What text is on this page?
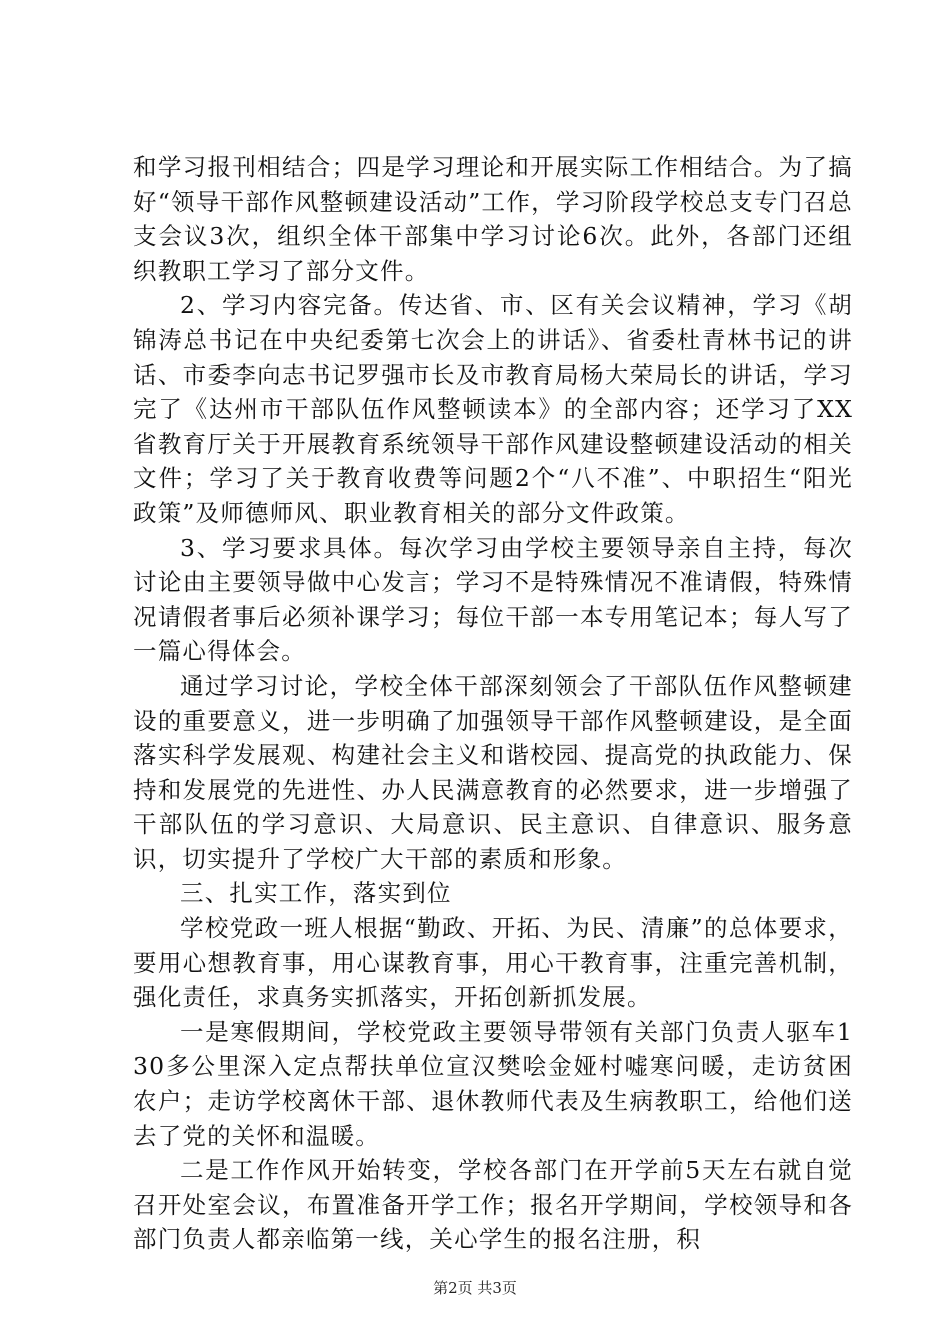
和学习报刊相结合；四是学习理论和开展实际工作相结合。为了搞好“领导干部作风整顿建设活动”工作，学习阶段学校总支专门召总支会议3次，组织全体干部集中学习讨论6次。此外，各部门还组织教职工学习了部分文件。

2、学习内容完备。传达省、市、区有关会议精神，学习《胡锦涛总书记在中央纪委第七次会上的讲话》、省委杜青林书记的讲话、市委李向志书记罗强市长及市教育局杨大荣局长的讲话，学习完了《达州市干部队伍作风整顿读本》的全部内容；还学习了XX省教育厅关于开展教育系统领导干部作风建设整顿建设活动的相关文件；学习了关于教育收费等问题2个“八不准”、中职招生“阳光政策”及师德师风、职业教育相关的部分文件政策。

3、学习要求具体。每次学习由学校主要领导亲自主持，每次讨论由主要领导做中心发言；学习不是特殊情况不准请假，特殊情况请假者事后必须补课学习；每位干部一本专用笔记本；每人写了一篇心得体会。

通过学习讨论，学校全体干部深刻领会了干部队伍作风整顿建设的重要意义，进一步明确了加强领导干部作风整顿建设，是全面落实科学发展观、构建社会主义和谐校园、提高党的执政能力、保持和发展党的先进性、办人民满意教育的必然要求，进一步增强了干部队伍的学习意识、大局意识、民主意识、自律意识、服务意识，切实提升了学校广大干部的素质和形象。

三、扎实工作，落实到位

学校党政一班人根据“勤政、开拓、为民、清廉”的总体要求，要用心想教育事，用心谋教育事，用心干教育事，注重完善机制，强化责任，求真务实抓落实，开拓创新抓发展。

一是寒假期间，学校党政主要领导带领有关部门负责人驱车130多公里深入定点帮扶单位宣汉樊哙金娅村嘘寒问暖，走访贫困农户；走访学校离休干部、退休教师代表及生病教职工，给他们送去了党的关怀和温暖。

二是工作作风开始转变，学校各部门在开学前5天左右就自觉召开处室会议，布置准备开学工作；报名开学期间，学校领导和各部门负责人都亲临第一线，关心学生的报名注册，积

第2页 共3页
